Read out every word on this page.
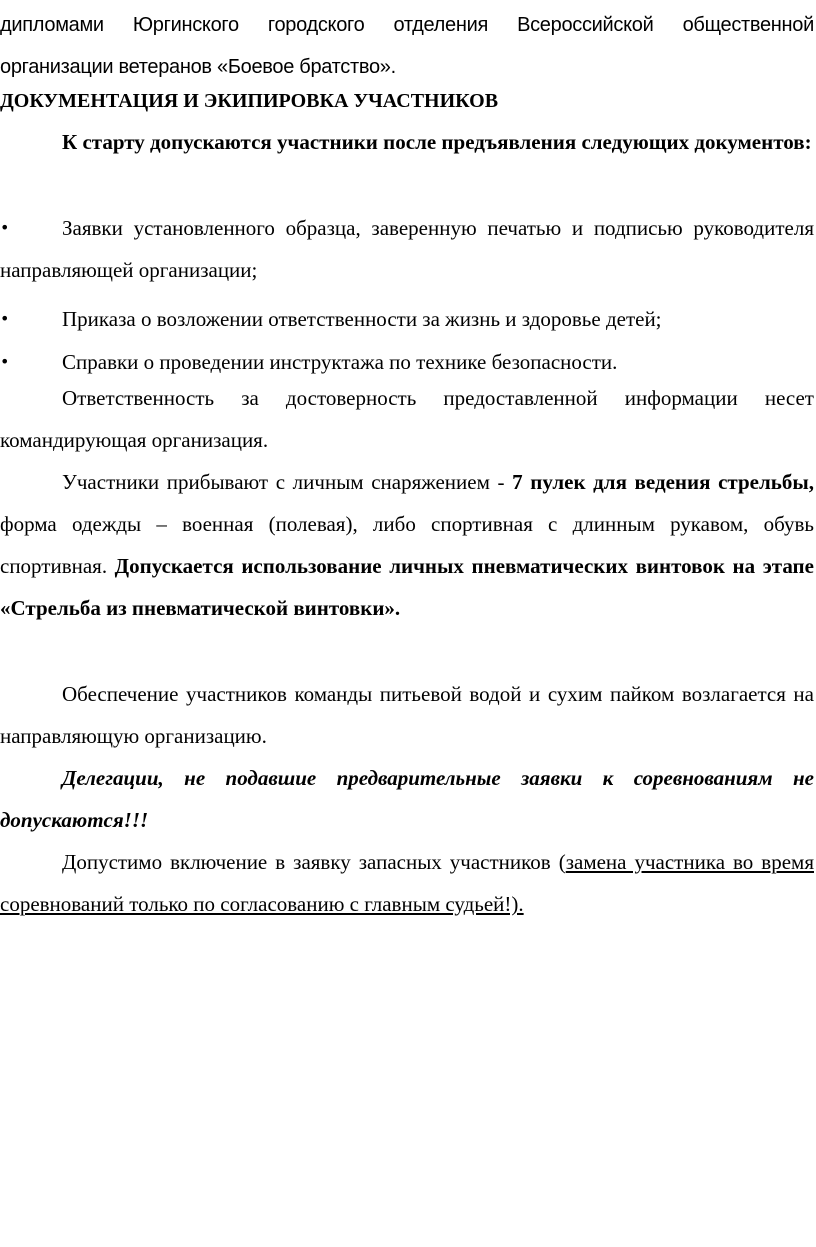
дипломами Юргинского городского отделения Всероссийской общественной
организации ветеранов «Боевое братство».
ДОКУМЕНТАЦИЯ И ЭКИПИРОВКА УЧАСТНИКОВ
К старту допускаются участники после предъявления следующих документов:
•	Заявки установленного образца, заверенную печатью и подписью руководителя направляющей организации;
•	Приказа о возложении ответственности за жизнь и здоровье детей;
•	Справки о проведении инструктажа по технике безопасности.
Ответственность за достоверность предоставленной информации несет командирующая организация.
Участники прибывают с личным снаряжением - 7 пулек для ведения стрельбы, форма одежды – военная (полевая), либо спортивная с длинным рукавом, обувь спортивная. Допускается использование личных пневматических винтовок на этапе «Стрельба из пневматической винтовки».
Обеспечение участников команды питьевой водой и сухим пайком возлагается на направляющую организацию.
Делегации, не подавшие предварительные заявки к соревнованиям не допускаются!!!
Допустимо включение в заявку запасных участников (замена участника во время соревнований только по согласованию с главным судьей!).
